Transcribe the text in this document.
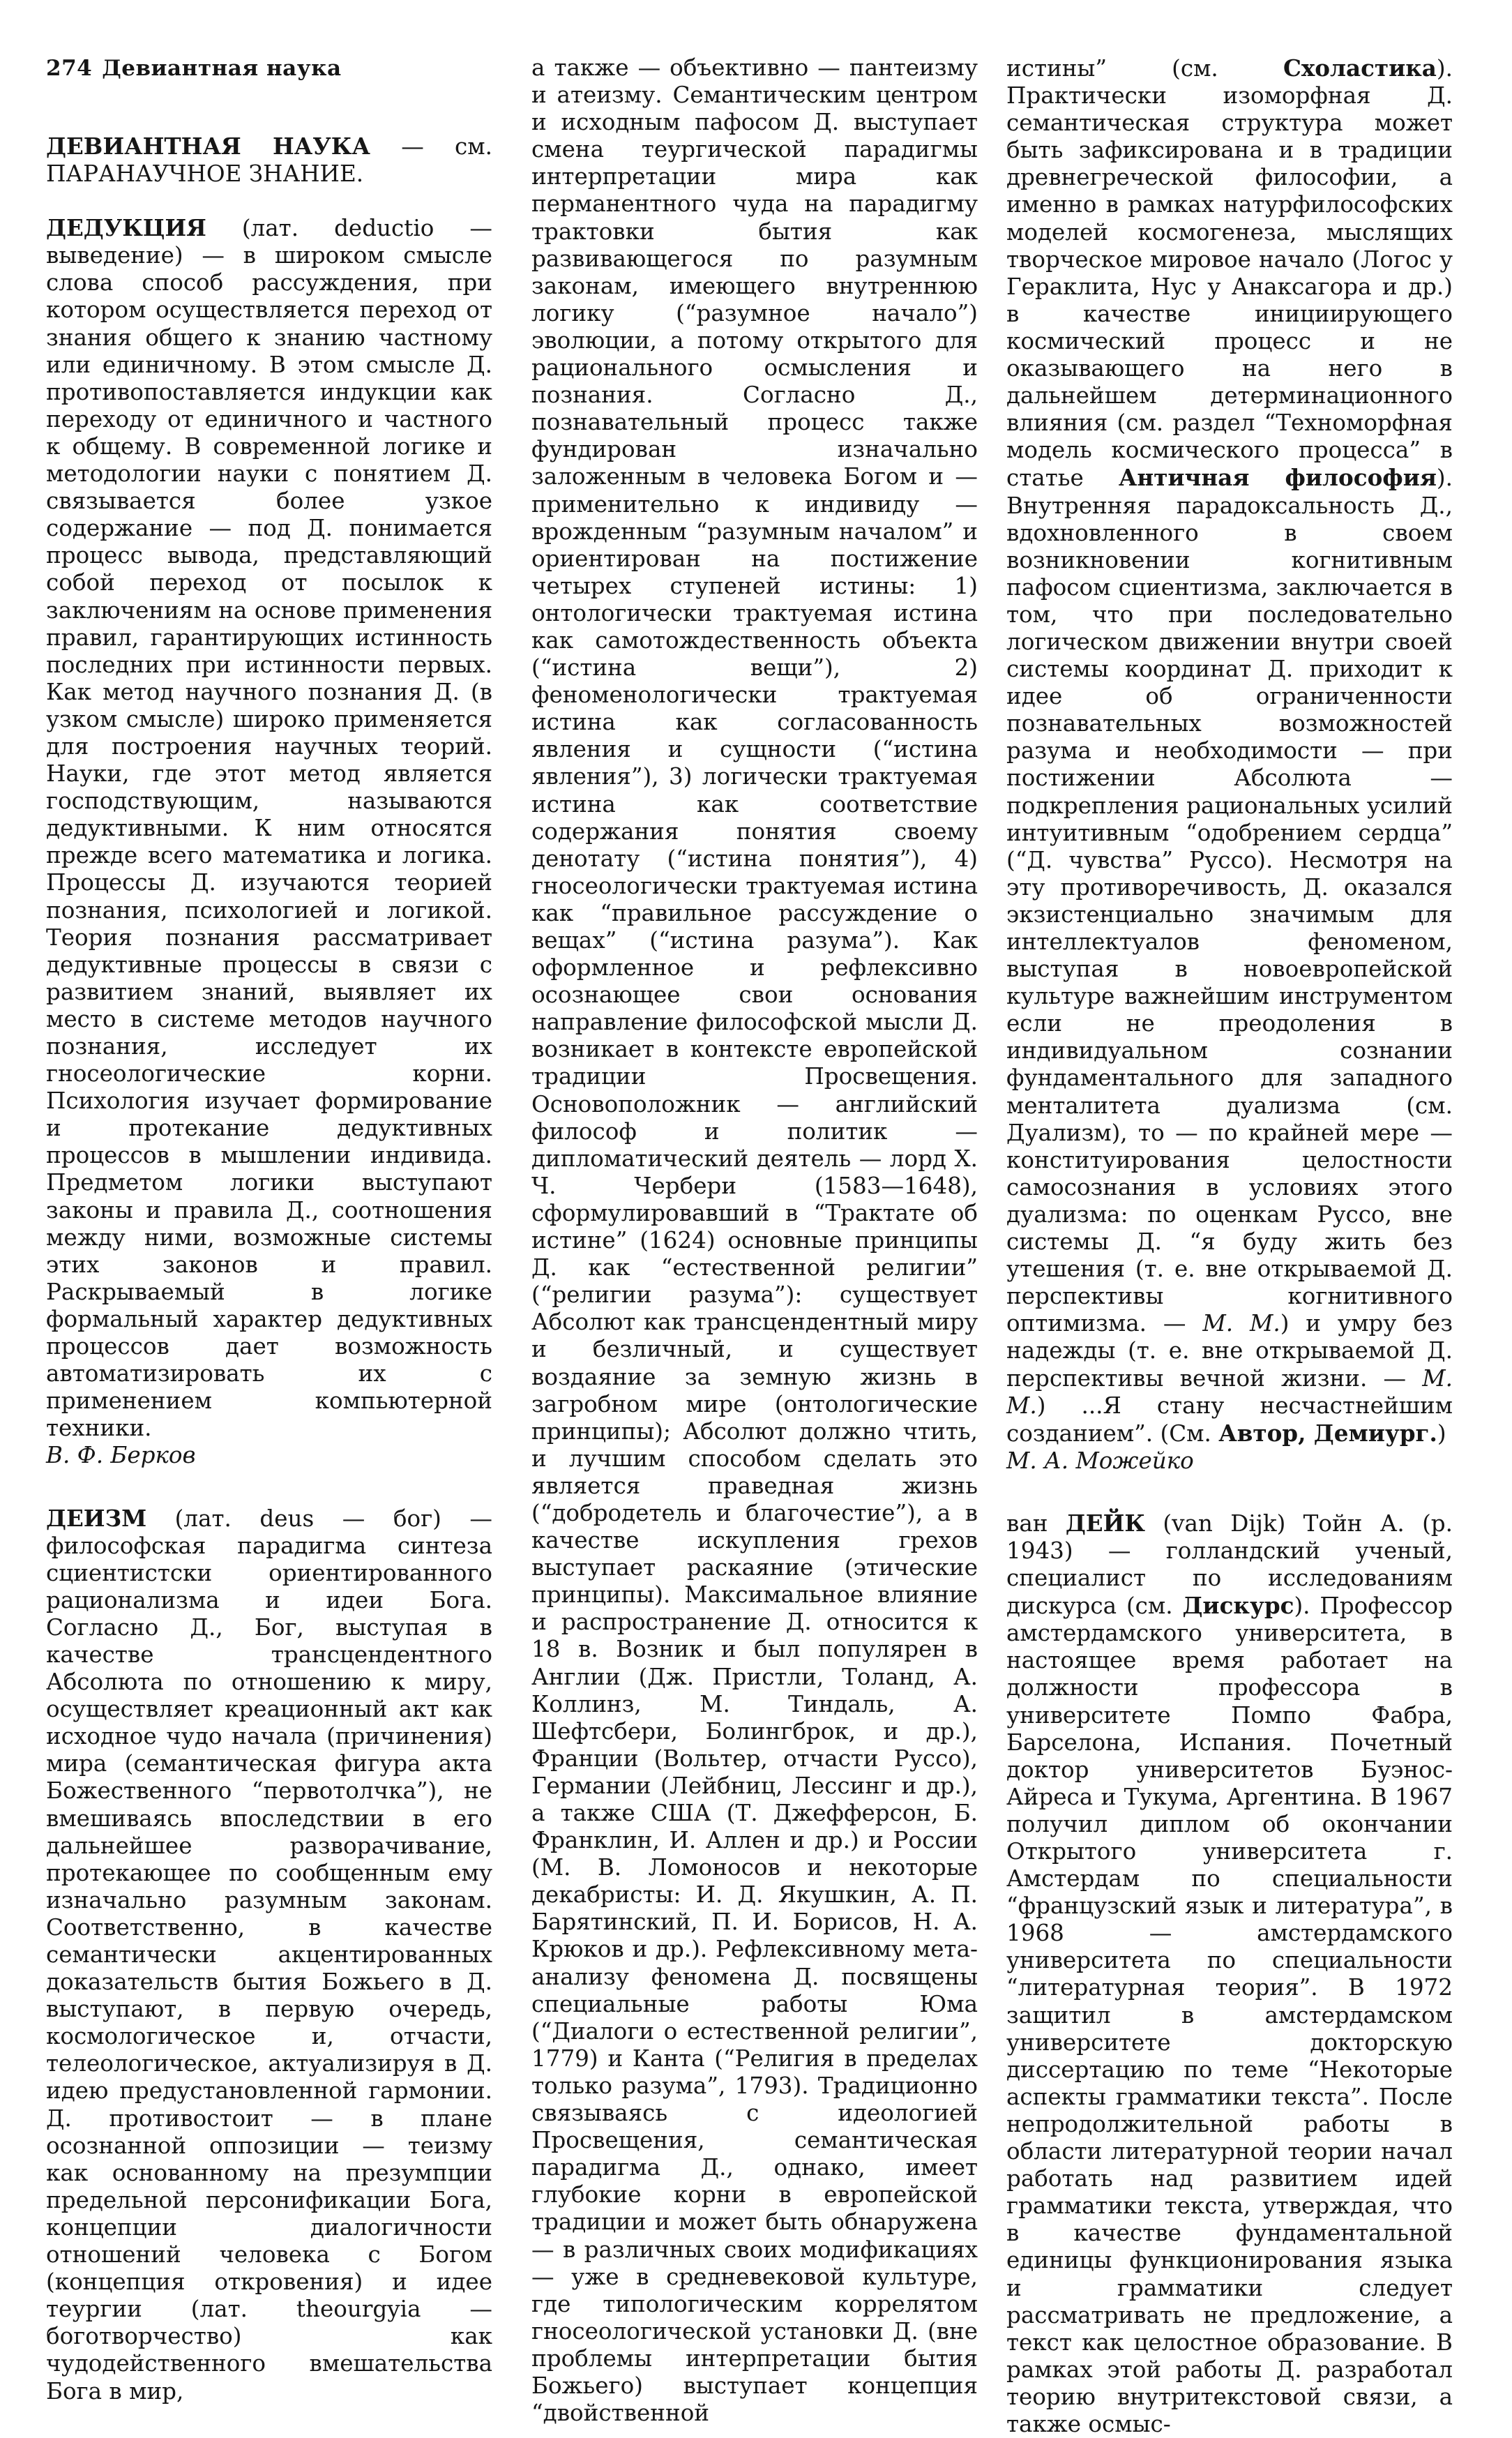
274 Девиантная наука

ДЕВИАНТНАЯ НАУКА — см. ПАРАНАУЧНОЕ ЗНАНИЕ.

ДЕДУКЦИЯ (лат. deductio — выведение) — в широком смысле слова способ рассуждения, при котором осуществляется переход от знания общего к знанию частному или единичному. В этом смысле Д. противопоставляется индукции как переходу от единичного и частного к общему. В современной логике и методологии науки с понятием Д. связывается более узкое содержание — под Д. понимается процесс вывода, представляющий собой переход от посылок к заключениям на основе применения правил, гарантирующих истинность последних при истинности первых. Как метод научного познания Д. (в узком смысле) широко применяется для построения научных теорий. Науки, где этот метод является господствующим, называются дедуктивными. К ним относятся прежде всего математика и логика. Процессы Д. изучаются теорией познания, психологией и логикой. Теория познания рассматривает дедуктивные процессы в связи с развитием знаний, выявляет их место в системе методов научного познания, исследует их гносеологические корни. Психология изучает формирование и протекание дедуктивных процессов в мышлении индивида. Предметом логики выступают законы и правила Д., соотношения между ними, возможные системы этих законов и правил. Раскрываемый в логике формальный характер дедуктивных процессов дает возможность автоматизировать их с применением компьютерной техники.

В. Ф. Берков

ДЕИЗМ (лат. deus — бог) — философская парадигма синтеза сциентистски ориентированного рационализма и идеи Бога. Согласно Д., Бог, выступая в качестве трансцендентного Абсолюта по отношению к миру, осуществляет креационный акт как исходное чудо начала (причинения) мира (семантическая фигура акта Божественного “первотолчка”), не вмешиваясь впоследствии в его дальнейшее разворачивание, протекающее по сообщенным ему изначально разумным законам. Соответственно, в качестве семантически акцентированных доказательств бытия Божьего в Д. выступают, в первую очередь, космологическое и, отчасти, телеологическое, актуализируя в Д. идею предустановленной гармонии. Д. противостоит — в плане осознанной оппозиции — теизму как основанному на презумпции предельной персонификации Бога, концепции диалогичности отношений человека с Богом (концепция откровения) и идее теургии (лат. theourgyia — боготворчество) как чудодейственного вмешательства Бога в мир,

а также — объективно — пантеизму и атеизму. Семантическим центром и исходным пафосом Д. выступает смена теургической парадигмы интерпретации мира как перманентного чуда на парадигму трактовки бытия как развивающегося по разумным законам, имеющего внутреннюю логику (“разумное начало”) эволюции, а потому открытого для рационального осмысления и познания. Согласно Д., познавательный процесс также фундирован изначально заложенным в человека Богом и — применительно к индивиду — врожденным “разумным началом” и ориентирован на постижение четырех ступеней истины: 1) онтологически трактуемая истина как самотождественность объекта (“истина вещи”), 2) феноменологически трактуемая истина как согласованность явления и сущности (“истина явления”), 3) логически трактуемая истина как соответствие содержания понятия своему денотату (“истина понятия”), 4) гносеологически трактуемая истина как “правильное рассуждение о вещах” (“истина разума”). Как оформленное и рефлексивно осознающее свои основания направление философской мысли Д. возникает в контексте европейской традиции Просвещения. Основоположник — английский философ и политик — дипломатический деятель — лорд Х. Ч. Чербери (1583—1648), сформулировавший в “Трактате об истине” (1624) основные принципы Д. как “естественной религии” (“религии разума”): существует Абсолют как трансцендентный миру и безличный, и существует воздаяние за земную жизнь в загробном мире (онтологические принципы); Абсолют должно чтить, и лучшим способом сделать это является праведная жизнь (“добродетель и благочестие”), а в качестве искупления грехов выступает раскаяние (этические принципы). Максимальное влияние и распространение Д. относится к 18 в. Возник и был популярен в Англии (Дж. Пристли, Толанд, А. Коллинз, М. Тиндаль, А. Шефтсбери, Болингброк, и др.), Франции (Вольтер, отчасти Руссо), Германии (Лейбниц, Лессинг и др.), а также США (Т. Джефферсон, Б. Франклин, И. Аллен и др.) и России (М. В. Ломоносов и некоторые декабристы: И. Д. Якушкин, А. П. Барятинский, П. И. Борисов, Н. А. Крюков и др.). Рефлексивному мета-анализу феномена Д. посвящены специальные работы Юма (“Диалоги о естественной религии”, 1779) и Канта (“Религия в пределах только разума”, 1793). Традиционно связываясь с идеологией Просвещения, семантическая парадигма Д., однако, имеет глубокие корни в европейской традиции и может быть обнаружена — в различных своих модификациях — уже в средневековой культуре, где типологическим коррелятом гносеологической установки Д. (вне проблемы интерпретации бытия Божьего) выступает концепция “двойственной

истины” (см. Схоластика). Практически изоморфная Д. семантическая структура может быть зафиксирована и в традиции древнегреческой философии, а именно в рамках натурфилософских моделей космогенеза, мыслящих творческое мировое начало (Логос у Гераклита, Нус у Анаксагора и др.) в качестве инициирующего космический процесс и не оказывающего на него в дальнейшем детерминационного влияния (см. раздел “Техноморфная модель космического процесса” в статье Античная философия). Внутренняя парадоксальность Д., вдохновленного в своем возникновении когнитивным пафосом сциентизма, заключается в том, что при последовательно логическом движении внутри своей системы координат Д. приходит к идее об ограниченности познавательных возможностей разума и необходимости — при постижении Абсолюта — подкрепления рациональных усилий интуитивным “одобрением сердца” (“Д. чувства” Руссо). Несмотря на эту противоречивость, Д. оказался экзистенциально значимым для интеллектуалов феноменом, выступая в новоевропейской культуре важнейшим инструментом если не преодоления в индивидуальном сознании фундаментального для западного менталитета дуализма (см. Дуализм), то — по крайней мере — конституирования целостности самосознания в условиях этого дуализма: по оценкам Руссо, вне системы Д. “я буду жить без утешения (т. е. вне открываемой Д. перспективы когнитивного оптимизма. — М. М.) и умру без надежды (т. е. вне открываемой Д. перспективы вечной жизни. — М. М.) ...Я стану несчастнейшим созданием”. (См. Автор, Демиург.)

М. А. Можейко

ван ДЕЙК (van Dijk) Тойн А. (р. 1943) — голландский ученый, специалист по исследованиям дискурса (см. Дискурс). Профессор амстердамского университета, в настоящее время работает на должности профессора в университете Помпо Фабра, Барселона, Испания. Почетный доктор университетов Буэнос-Айреса и Тукума, Аргентина. В 1967 получил диплом об окончании Открытого университета г. Амстердам по специальности “французский язык и литература”, в 1968 — амстердамского университета по специальности “литературная теория”. В 1972 защитил в амстердамском университете докторскую диссертацию по теме “Некоторые аспекты грамматики текста”. После непродолжительной работы в области литературной теории начал работать над развитием идей грамматики текста, утверждая, что в качестве фундаментальной единицы функционирования языка и грамматики следует рассматривать не предложение, а текст как целостное образование. В рамках этой работы Д. разработал теорию внутритекстовой связи, а также осмыс-
